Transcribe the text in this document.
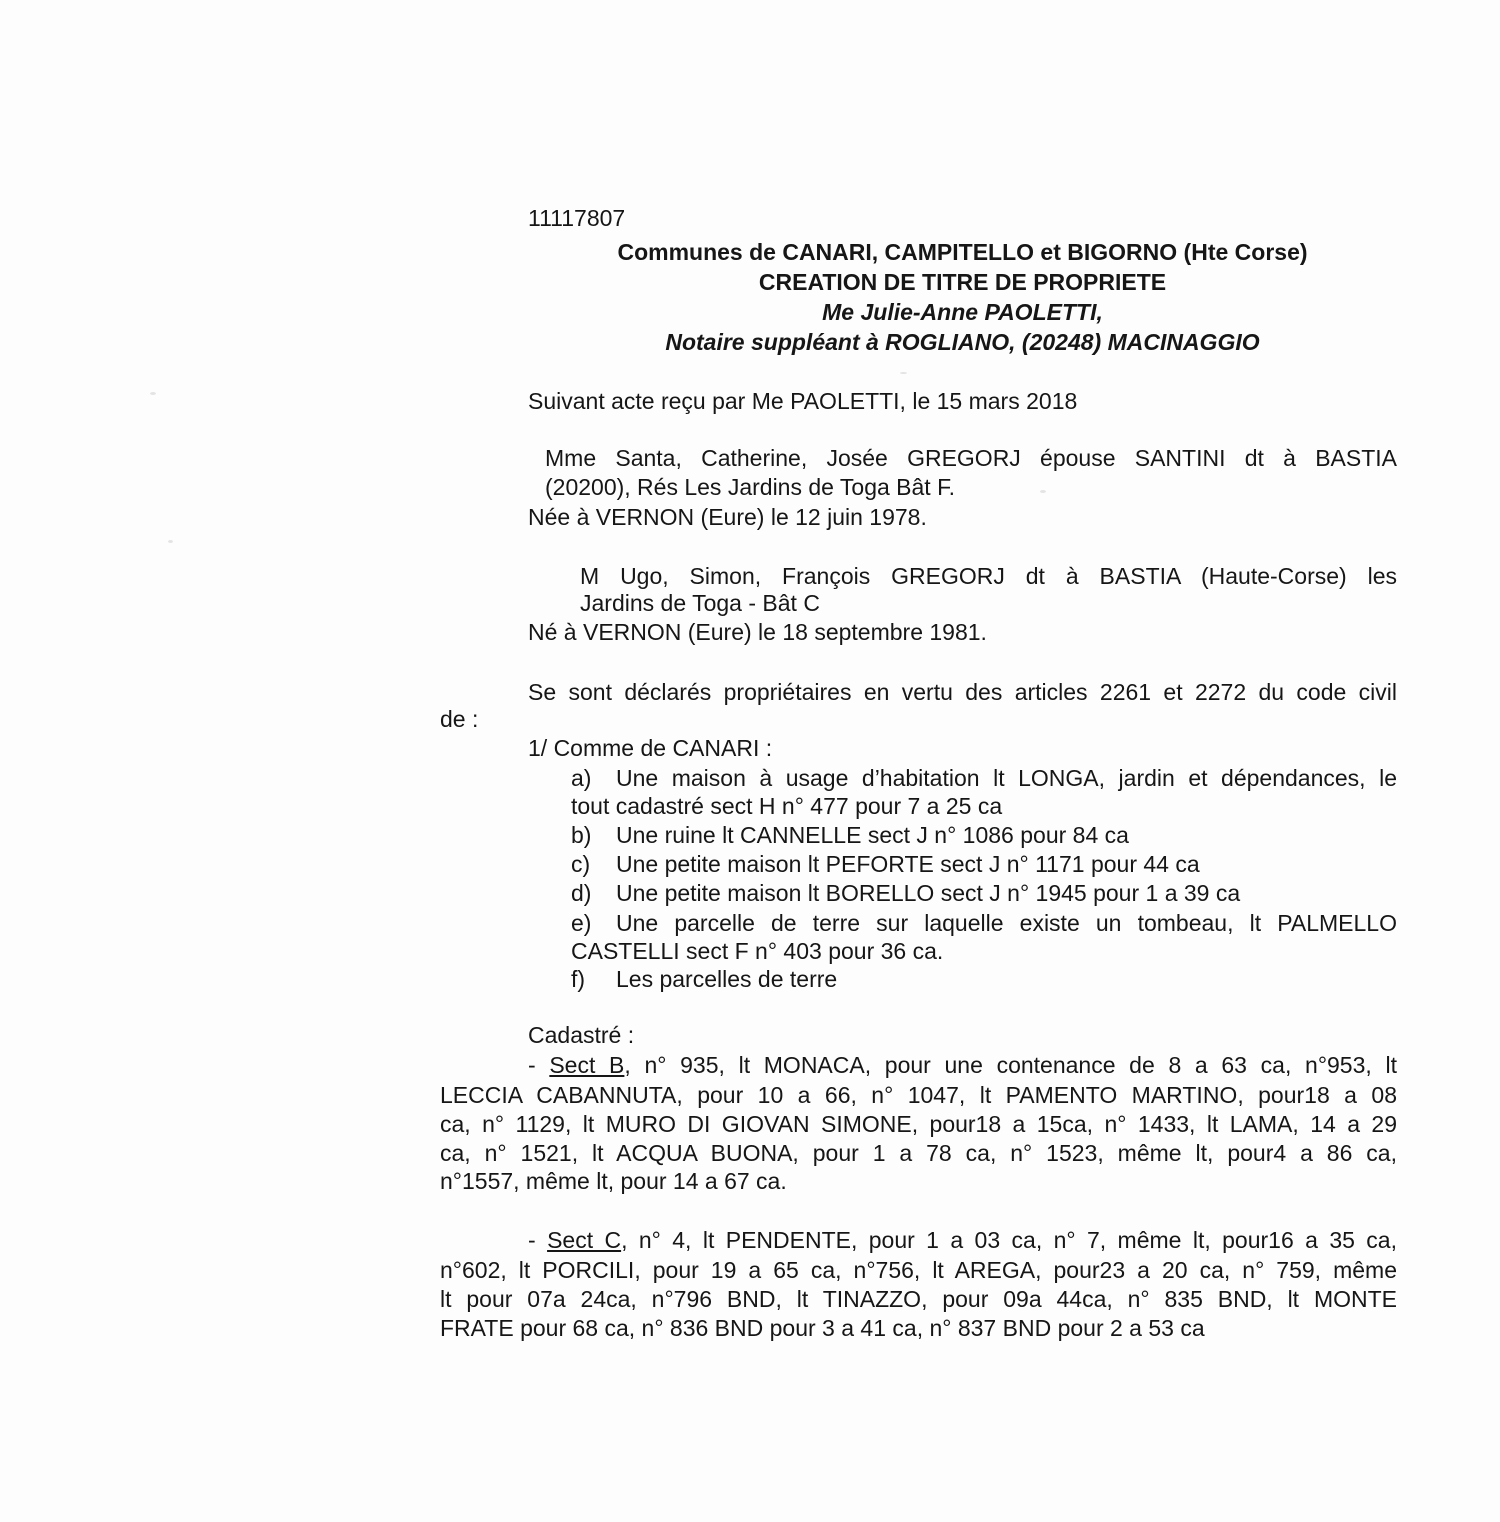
11117807
Communes de CANARI, CAMPITELLO et BIGORNO (Hte Corse)
CREATION DE TITRE DE PROPRIETE
Me Julie-Anne PAOLETTI,
Notaire suppléant à ROGLIANO, (20248) MACINAGGIO
Suivant acte reçu par Me PAOLETTI, le 15 mars 2018
Mme Santa, Catherine, Josée GREGORJ épouse SANTINI dt à BASTIA
(20200), Rés Les Jardins de Toga Bât F.
Née à VERNON (Eure) le 12 juin 1978.
M Ugo, Simon, François GREGORJ dt à BASTIA (Haute-Corse) les
Jardins de Toga - Bât C
Né à VERNON (Eure) le 18 septembre 1981.
Se sont déclarés propriétaires en vertu des articles 2261 et 2272 du code civil
de :
1/ Comme de CANARI :
a) Une maison à usage d’habitation lt LONGA, jardin et dépendances, le
tout cadastré sect H n° 477 pour 7 a 25 ca
b) Une ruine lt CANNELLE sect J n° 1086 pour 84 ca
c) Une petite maison lt PEFORTE sect J n° 1171 pour 44 ca
d) Une petite maison lt BORELLO sect J n° 1945 pour 1 a 39 ca
e) Une parcelle de terre sur laquelle existe un tombeau, lt PALMELLO
CASTELLI sect F n° 403 pour 36 ca.
f) Les parcelles de terre
Cadastré :
- Sect B, n° 935, lt MONACA, pour une contenance de 8 a 63 ca, n°953, lt
LECCIA CABANNUTA, pour 10 a 66, n° 1047, lt PAMENTO MARTINO, pour18 a 08
ca, n° 1129, lt MURO DI GIOVAN SIMONE, pour18 a 15ca, n° 1433, lt LAMA, 14 a 29
ca, n° 1521, lt ACQUA BUONA, pour 1 a 78 ca, n° 1523, même lt, pour4 a 86 ca,
n°1557, même lt, pour 14 a 67 ca.
- Sect C, n° 4, lt PENDENTE, pour 1 a 03 ca, n° 7, même lt, pour16 a 35 ca,
n°602, lt PORCILI, pour 19 a 65 ca, n°756, lt AREGA, pour23 a 20 ca, n° 759, même
lt pour 07a 24ca, n°796 BND, lt TINAZZO, pour 09a 44ca, n° 835 BND, lt MONTE
FRATE pour 68 ca, n° 836 BND pour 3 a 41 ca, n° 837 BND pour 2 a 53 ca
